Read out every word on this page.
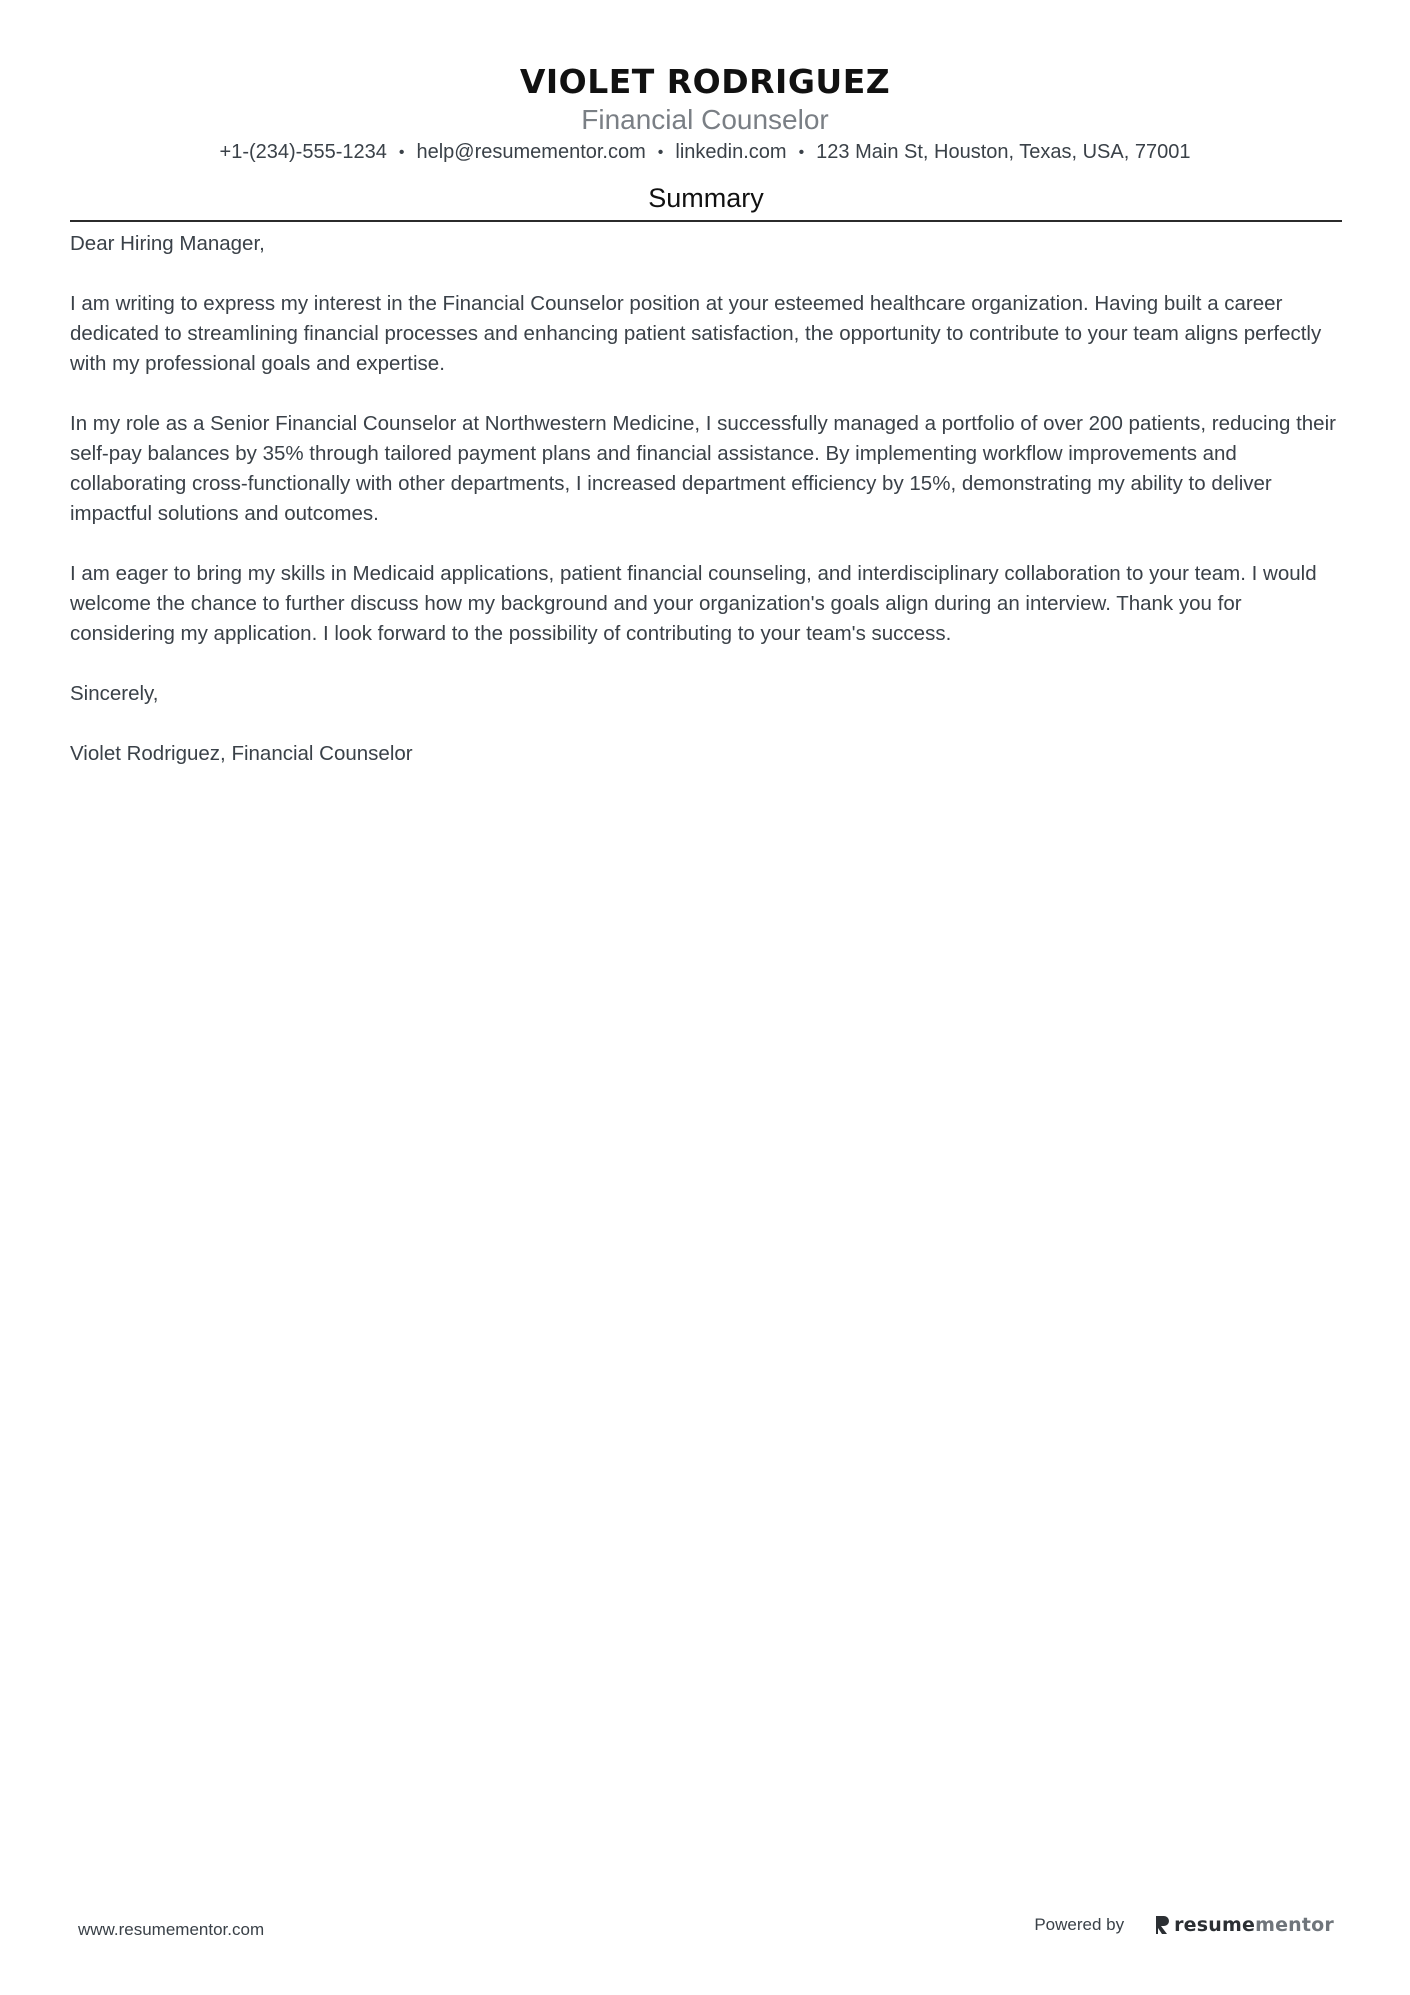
VIOLET RODRIGUEZ
Financial Counselor
+1-(234)-555-1234 • help@resumementor.com • linkedin.com • 123 Main St, Houston, Texas, USA, 77001
Summary

Dear Hiring Manager,

I am writing to express my interest in the Financial Counselor position at your esteemed healthcare organization. Having built a career dedicated to streamlining financial processes and enhancing patient satisfaction, the opportunity to contribute to your team aligns perfectly with my professional goals and expertise.

In my role as a Senior Financial Counselor at Northwestern Medicine, I successfully managed a portfolio of over 200 patients, reducing their self-pay balances by 35% through tailored payment plans and financial assistance. By implementing workflow improvements and collaborating cross-functionally with other departments, I increased department efficiency by 15%, demonstrating my ability to deliver impactful solutions and outcomes.

I am eager to bring my skills in Medicaid applications, patient financial counseling, and interdisciplinary collaboration to your team. I would welcome the chance to further discuss how my background and your organization's goals align during an interview. Thank you for considering my application. I look forward to the possibility of contributing to your team's success.

Sincerely,

Violet Rodriguez, Financial Counselor

www.resumementor.com	Powered by	resume mentor
